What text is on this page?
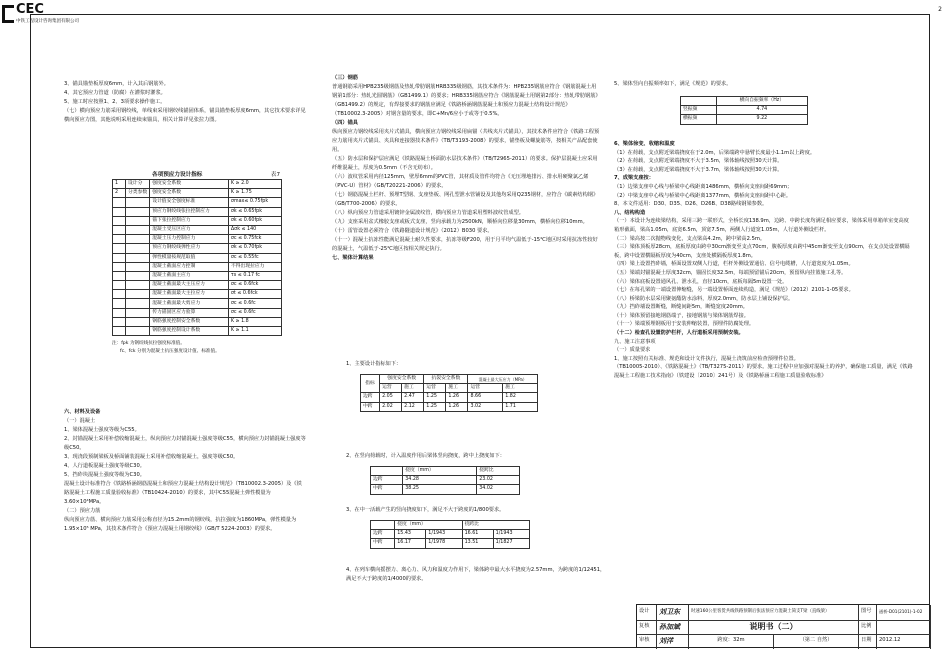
CEC
中铁工程设计咨询集团有限公司
2

3、锚具锚垫板厚度6mm，计入其后钢筋外。

4、其它预应力管道（防腐）在灌浆时灌浆。

5、施工时应按照1、2、3项要求操作施工。

（七）横向预应力筋采用钢绞线，单线束采用钢绞线锚固体系，锚具锚垫板厚度6mm，其它技术要求详见横向预应力图，其他说明采用连续束锚具，相关计算详见张拉力图。

各项预应力设计指标	表7
1	设计分	强度安全系数	K ≥ 2.0
2	分类参数	强度安全系数	K ≥ 1.75
		设计值安全强度标准	σmax≤ 0.75fpk
		预应力钢绞线张拉控制应力	σk ≤ 0.65fpk
		锚下张拉控制应力	σk ≤ 0.60fpk
		混凝土受压区应力	Δσk ≤ 140
		混凝土压力控制应力	σc ≤ 0.75fck
		预应力钢绞线弹性应力	σk ≤ 0.70fpk
		弹性模量按规范取值	σc ≤ 0.55fc
		混凝土截面应力控制	不得出现拉应力
		混凝土截面主应力	τs ≤ 0.17 fc
		混凝土截面最大主压应力	σc ≤ 0.6fck
		混凝土截面最大主拉应力	σt ≤ 0.6fck
		混凝土截面最大剪应力	σc ≤ 0.6fc
		传力锚固区应力验算	σc ≤ 0.6fc
		钢筋强度控制安全系数	K ≥ 1.8
		钢筋强度控制设计系数	K ≥ 1.1
注：fpk 为钢绞线抗拉强度标准值。
fc、fck 分别为混凝土抗压强度设计值、标准值。

六、材料及设备

（一）混凝土

1、梁体混凝土强度等级为C55。

2、封锚混凝土采用补偿收缩混凝土，纵向预应力封锚混凝土强度等级C55，横向预应力封锚混凝土强度等级C50。

3、现浇段预制梁板及桥面铺装混凝土采用补偿收缩混凝土，强度等级C50。

4、人行道板混凝土强度等级C30。

5、挡砟块混凝土强度等级为C30。

混凝土设计标准符合《铁路桥涵钢筋混凝土和预应力混凝土结构设计规范》（TB10002.3-2005）及《铁路混凝土工程施工质量验收标准》（TB10424-2010）的要求，其中C55混凝土弹性模量为3.60×10⁴MPa。

（二）预应力筋

纵向预应力筋、横向预应力筋采用公称直径为15.2mm的钢绞线，抗拉强度为1860MPa，弹性模量为1.95×10⁵ MPa，其技术条件符合《预应力混凝土用钢绞线》（GB/T 5224-2003）的要求。

（三）钢筋

普通钢筋采用HPB235级钢筋及热轧带肋钢筋HRB335级钢筋，其技术条件为：HPB235钢筋应符合《钢筋混凝土用钢第1部分：热轧光圆钢筋》（GB1499.1）的要求；HRB335钢筋应符合《钢筋混凝土用钢第2部分：热轧带肋钢筋》（GB1499.2）的规定，有焊接要求的钢筋应满足《铁路桥涵钢筋混凝土和预应力混凝土结构设计规范》（TB10002.3-2005）对钢含量的要求，即C+Mn/6应小于或等于0.5%。

（四）锚具

纵向预应力钢绞线采用夹片式锚具，横向预应力钢绞线采用扁锚（共线夹片式锚具），其技术条件应符合《铁路工程预应力筋用夹片式锚具、夹具和连接器技术条件》（TB/T3193-2008）的要求，锚垫板及螺旋筋等，按相关产品配套使用。

（五）防水层和保护层应满足《铁路混凝土桥面防水层技术条件》（TB/T2965-2011）的要求。保护层混凝土应采用纤维混凝土，厚度为0.5mm（不含无纺布）。

（六）波纹管采用内径125mm，壁厚6mm的PVC管，其材质及管件均符合《无压埋地排污、排水用硬聚氯乙烯（PVC-U）管材》（GB/T20221-2006）的要求。

（七）钢筋混凝土栏杆、预埋T型钢、支座垫板、网孔型泄水管铺设及其他均采用Q235钢材，应符合《碳素结构钢》（GB/T700-2006）的要求。

（八）纵向预应力管道采用镀锌金属波纹管，横向预应力管道采用塑料波纹管成型。

（九）支座采用盆式橡胶支座或板式支座，竖向承载力为2500kN，顺桥向位移量30mm，横桥向位移10mm。

（十）雷管设置必须符合《铁路隧道设计规范》（2012）B030 要求。

（十一）混凝土抗冻性能满足混凝土耐久性要求，抗冻等级F200，用于月平均气温低于-15℃地区时采用抗冻性较好的混凝土，气温低于-25℃地区按相关规定执行。

七、梁体计算结果

1、主要设计指标如下：

指标	强度安全系数		抗裂安全系数		混凝土最大压应力（MPa）	
	运营	施工	运营	施工	运营	施工
边跨	2.05	2.47	1.25	1.26	8.66	1.82
中跨	2.02	2.12	1.25	1.26	3.02	1.71

2、在竖向荷载时，计入温度作用后梁体竖向挠度，跨中上挠度如下：

	挠度（mm）	挠跨比
边跨	34.28	23.02
中跨	38.25	34.02

3、在中一活载产生的竖向挠度如下，满足不大于跨度的1/800要求。

	挠度（mm）		挠跨比	
边跨	15.43	1/1943	16.61	1/1943
中跨	16.17	1/1978	13.51	1/1827

4、在列车横向摇摆力、离心力、风力和温度力作用下，梁体跨中最大水平挠度为2.57mm，为跨度的1/12451，满足不大于跨度的1/4000的要求。

5、梁体竖向自振频率如下，满足《规范》的要求。

	横向自振频率（Hz）
竖振频	4.74
横振频	9.22

6、梁体徐变、收缩和温度

（1）在荷载，支点附近梁端挠度在于2.0m，后梁端跨中悬臂长度最小1.1m以上跨度。

（2）在荷载，支点附近梁端挠度不大于3.5m，梁体轴线按照30天计算。

（3）在荷载，支点附近梁端挠度不大于3.7m，梁体轴线按照30天计算。

7、成梁支座按：

（1）边梁支座中心线与桥梁中心线距离1486mm，横桥向支座间距69mm；

（2）中梁支座中心线与桥梁中心线距离1377mm，横桥向支座间距中心距。

8、本文件适用：D30、D35、D26、D26B、D38路线钢梁参数。

八、结构构造

（一）本设计为连续梁结构，采用三跨一联形式，全桥长度138.9m，边跨、中跨长度均满足相应要求，梁体采用单箱单室变高度箱形截面，梁高1.05m，底宽6.5m，顶宽7.5m，两侧人行道宽1.05m，人行道外侧设栏杆。

（二）梁高按二次抛物线变化，支点梁高4.2m，跨中梁高2.5m。

（三）梁体顶板厚28cm，底板厚度由跨中30cm渐变至支点70cm，腹板厚度由跨中45cm渐变至支点90cm，在支点处设置横隔板，跨中设置横隔板厚度为40cm，支座处横隔板厚度1.8m。

（四）梁上设置挡砟墙，桥面设置双侧人行道，栏杆外侧设置通信、信号电缆槽，人行道宽度为1.05m。

（五）梁端封锚混凝土厚度32cm，锚固长度32.5m，每端预留锚后20cm，预留纵向挂篮施工孔等。

（六）梁体底板设置通风孔、泄水孔，直径10cm，底板每隔5m设置一处。

（七）在每孔梁的一端设置伸缩缝，另一端设置桥面连续构造，满足《规范》（2012）2101-1-05要求。

（八）桥梁防水层采用聚氨酯防水涂料，厚度2.0mm，防水层上铺设保护层。

（九）挡砟墙设置断缝，断缝间距5m，断缝宽度20mm。

（十）梁体预留接地钢筋端子，接地钢筋与梁体钢筋焊接。

（十一）梁端预埋钢板用于安装伸缩装置，预埋件防腐处理。

（十二）检查孔设置防护栏杆，人行道板采用预制安装。

九、施工注意事项

（一）质量要求

1、施工按照有关标准、规范和设计文件执行，混凝土浇筑前应检查预埋件位置。

（TB10005-2010）、《铁路混凝土》（TB/T3275-2011）的要求。施工过程中应加强对混凝土的养护，确保施工质量，满足《铁路混凝土工程施工技术指南》（铁建设〔2010〕241号）及《铁路桥涵工程施工质量验收标准》

设计	刘卫东	时速160公里客货共线铁路预制后张法预应力混凝土简支T梁（直线梁）	图号	通桥-D01(2101)-1-02
复核	孙加斌	说明书（二）	比例
审核	刘洋	跨度：32m	（第二 自然）	日期	2012.12
